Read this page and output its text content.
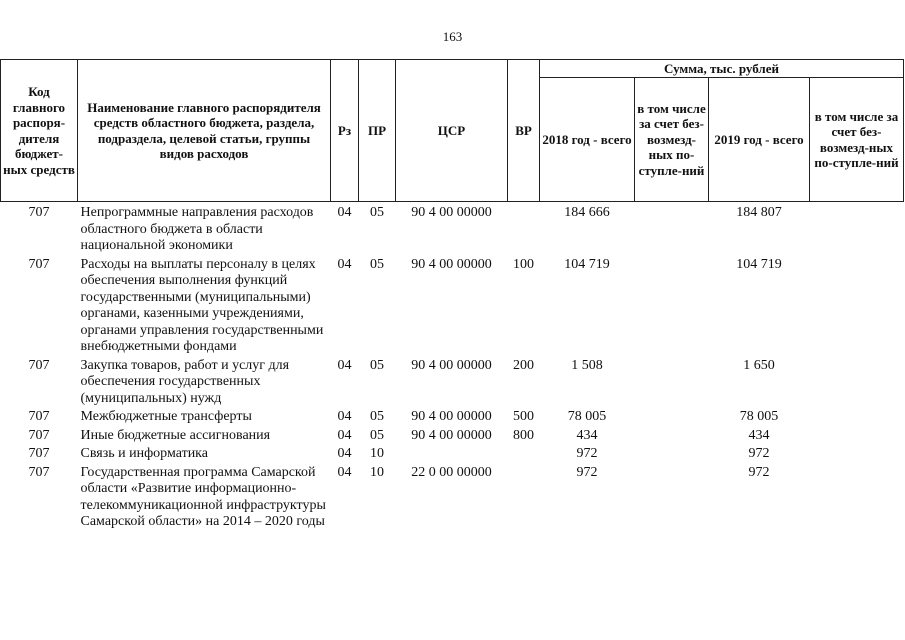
163
Код главного распоря-дителя бюджет-ных средств	Наименование главного распорядителя средств областного бюджета, раздела, подраздела, целевой статьи, группы видов расходов	Рз	ПР	ЦСР	ВР	Сумма, тыс. рублей			
						2018 год - всего	в том числе за счет без-возмезд-ных по-ступле-ний	2019 год - всего	в том числе за счет без-возмезд-ных по-ступле-ний
707	Непрограммные направления расходов областного бюджета в области национальной экономики	04	05	90 4 00 00000		184 666		184 807	
707	Расходы на выплаты персоналу в целях обеспечения выполнения функций государственными (муниципальными) органами, казенными учреждениями, органами управления государственными внебюджетными фондами	04	05	90 4 00 00000	100	104 719		104 719	
707	Закупка товаров, работ и услуг для обеспечения государственных (муниципальных) нужд	04	05	90 4 00 00000	200	1 508		1 650	
707	Межбюджетные трансферты	04	05	90 4 00 00000	500	78 005		78 005	
707	Иные бюджетные ассигнования	04	05	90 4 00 00000	800	434		434	
707	Связь и информатика	04	10			972		972	
707	Государственная программа Самарской области «Развитие информационно-телекоммуникационной инфраструктуры Самарской области» на 2014 – 2020 годы	04	10	22 0 00 00000		972		972	
